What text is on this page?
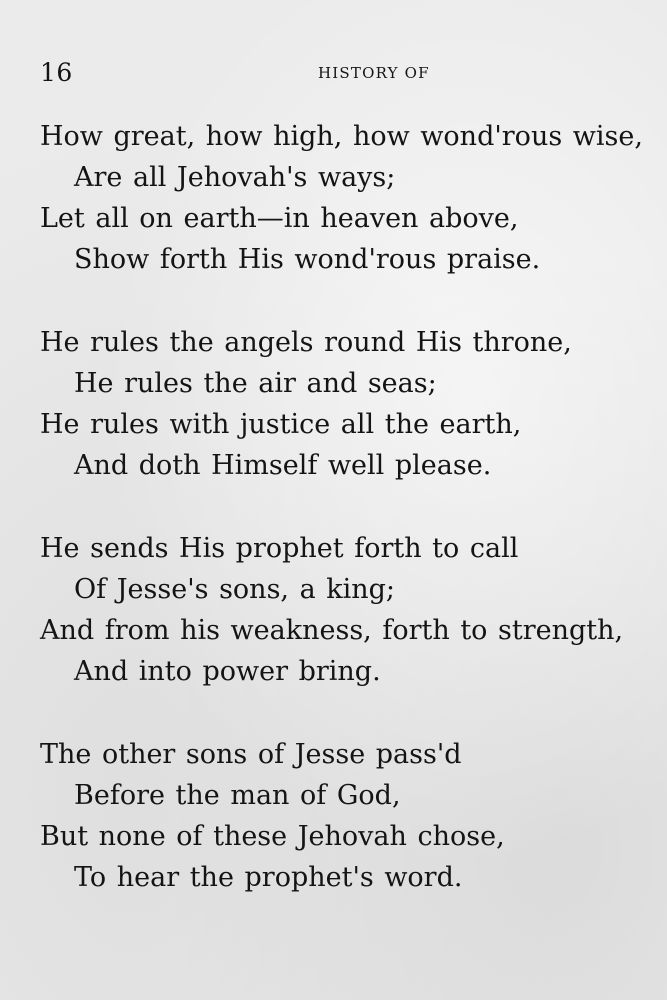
16	HISTORY OF
How great, how high, how wond'rous wise,
Are all Jehovah's ways;
Let all on earth—in heaven above,
Show forth His wond'rous praise.
He rules the angels round His throne,
He rules the air and seas;
He rules with justice all the earth,
And doth Himself well please.
He sends His prophet forth to call
Of Jesse's sons, a king;
And from his weakness, forth to strength,
And into power bring.
The other sons of Jesse pass'd
Before the man of God,
But none of these Jehovah chose,
To hear the prophet's word.
